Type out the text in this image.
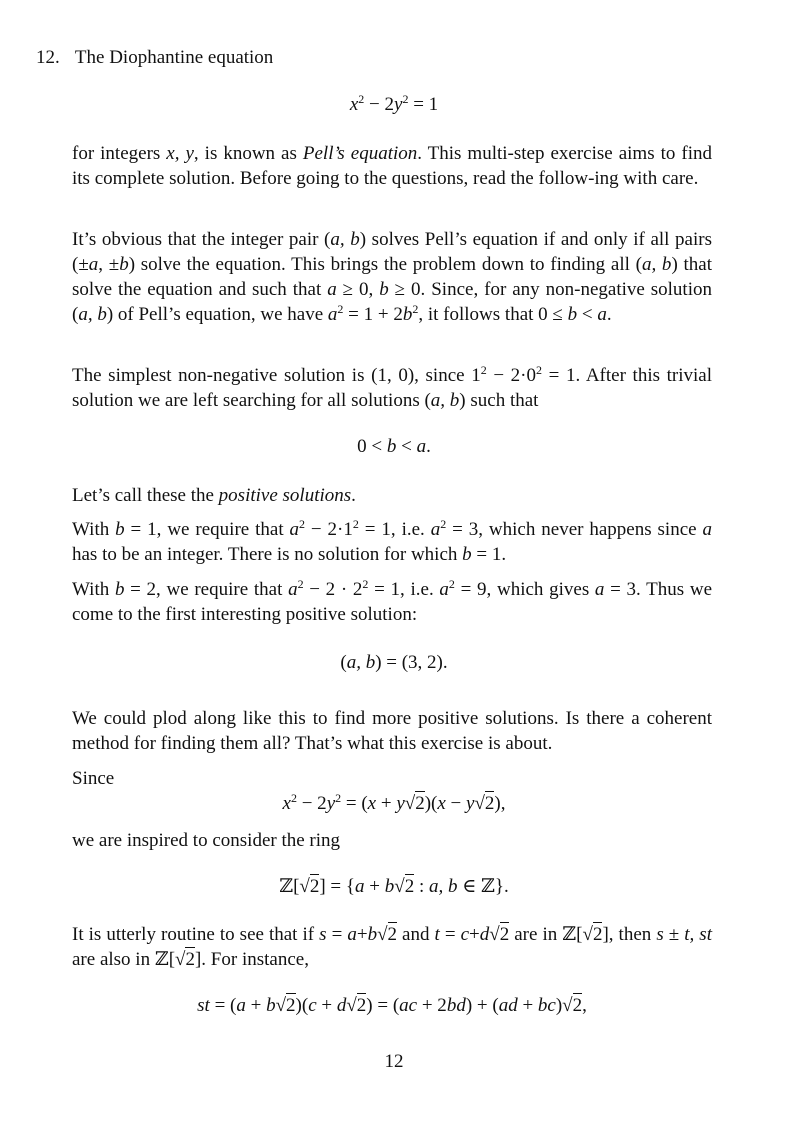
12. The Diophantine equation
$x^2 - 2y^2 = 1$
for integers x, y, is known as Pell’s equation. This multi-step exercise aims to find its complete solution. Before going to the questions, read the follow‑ing with care.
It’s obvious that the integer pair (a, b) solves Pell’s equation if and only if all pairs (±a, ±b) solve the equation. This brings the problem down to finding all (a, b) that solve the equation and such that a ≥ 0, b ≥ 0. Since, for any non-negative solution (a, b) of Pell’s equation, we have $a^2 = 1 + 2b^2$, it follows that 0 ≤ b < a.
The simplest non-negative solution is (1, 0), since $1^2 - 2\cdot 0^2 = 1$. After this trivial solution we are left searching for all solutions (a, b) such that
0 < b < a.
Let’s call these the positive solutions.
With b = 1, we require that $a^2 - 2\cdot 1^2 = 1$, i.e. $a^2 = 3$, which never happens since a has to be an integer. There is no solution for which b = 1.
With b = 2, we require that $a^2 - 2 \cdot 2^2 = 1$, i.e. $a^2 = 9$, which gives a = 3. Thus we come to the first interesting positive solution:
(a, b) = (3, 2).
We could plod along like this to find more positive solutions. Is there a coherent method for finding them all? That’s what this exercise is about.
Since
$x^2 - 2y^2 = (x + y√2)(x - y√2)$,
we are inspired to consider the ring
ℤ[√2] = {a + b√2 : a, b ∈ ℤ}.
It is utterly routine to see that if s = a+b√2 and t = c+d√2 are in ℤ[√2], then s ± t, st are also in ℤ[√2]. For instance,
st = (a + b√2)(c + d√2) = (ac + 2bd) + (ad + bc)√2,
12
